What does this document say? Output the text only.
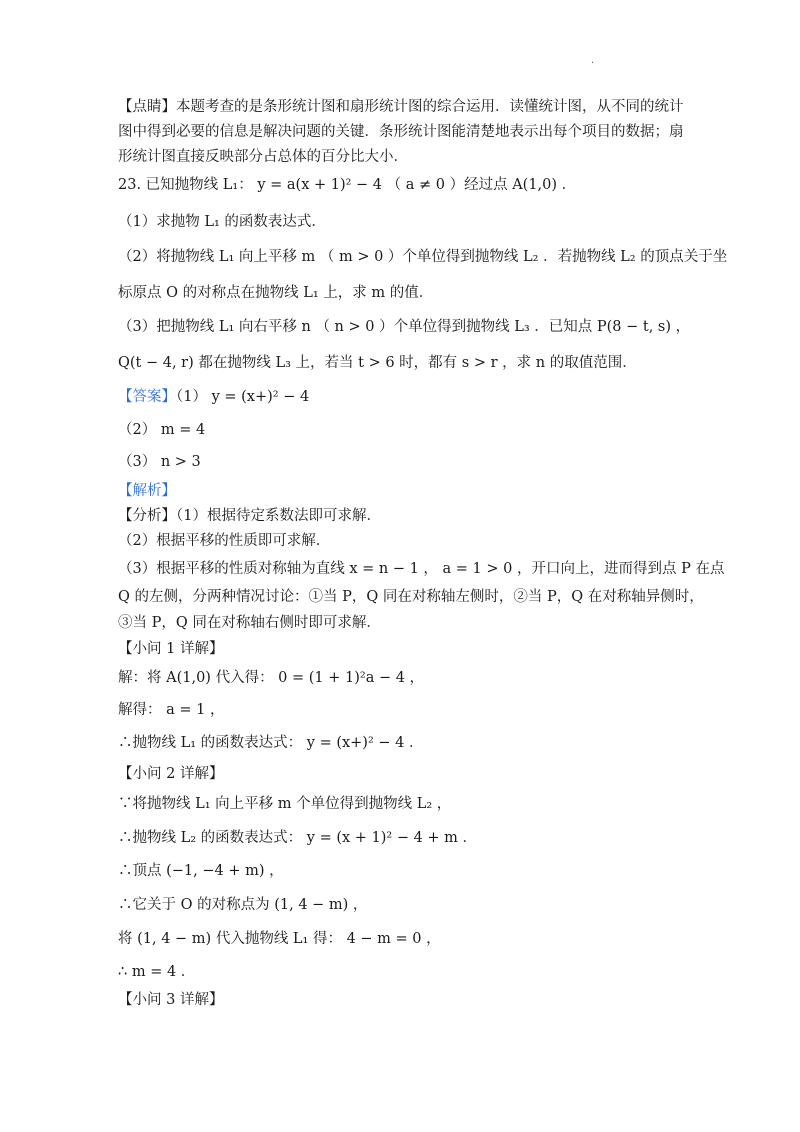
·
【点睛】本题考查的是条形统计图和扇形统计图的综合运用．读懂统计图，从不同的统计
图中得到必要的信息是解决问题的关键．条形统计图能清楚地表示出每个项目的数据；扇
形统计图直接反映部分占总体的百分比大小．
23. 已知抛物线 L₁： y = a(x + 1)² − 4 （ a ≠ 0 ）经过点 A(1,0) ．
（1）求抛物 L₁ 的函数表达式．
（2）将抛物线 L₁ 向上平移 m （ m > 0 ）个单位得到抛物线 L₂ ．若抛物线 L₂ 的顶点关于坐
标原点 O 的对称点在抛物线 L₁ 上，求 m 的值．
（3）把抛物线 L₁ 向右平移 n （ n > 0 ）个单位得到抛物线 L₃ ．已知点 P(8 − t, s) ，
Q(t − 4, r) 都在抛物线 L₃ 上，若当 t > 6 时，都有 s > r ，求 n 的取值范围．
【答案】（1） y = (x+)² − 4
（2） m = 4
（3） n > 3
【解析】
【分析】（1）根据待定系数法即可求解．
（2）根据平移的性质即可求解．
（3）根据平移的性质对称轴为直线 x = n − 1 ， a = 1 > 0 ，开口向上，进而得到点 P 在点
Q 的左侧，分两种情况讨论：①当 P，Q 同在对称轴左侧时，②当 P，Q 在对称轴异侧时，
③当 P，Q 同在对称轴右侧时即可求解．
【小问 1 详解】
解：将 A(1,0) 代入得： 0 = (1 + 1)²a − 4 ，
解得： a = 1 ，
∴抛物线 L₁ 的函数表达式： y = (x+)² − 4 ．
【小问 2 详解】
∵将抛物线 L₁ 向上平移 m 个单位得到抛物线 L₂ ，
∴抛物线 L₂ 的函数表达式： y = (x + 1)² − 4 + m ．
∴顶点 (−1, −4 + m) ，
∴它关于 O 的对称点为 (1, 4 − m) ，
将 (1, 4 − m) 代入抛物线 L₁ 得： 4 − m = 0 ，
∴ m = 4 ．
【小问 3 详解】
